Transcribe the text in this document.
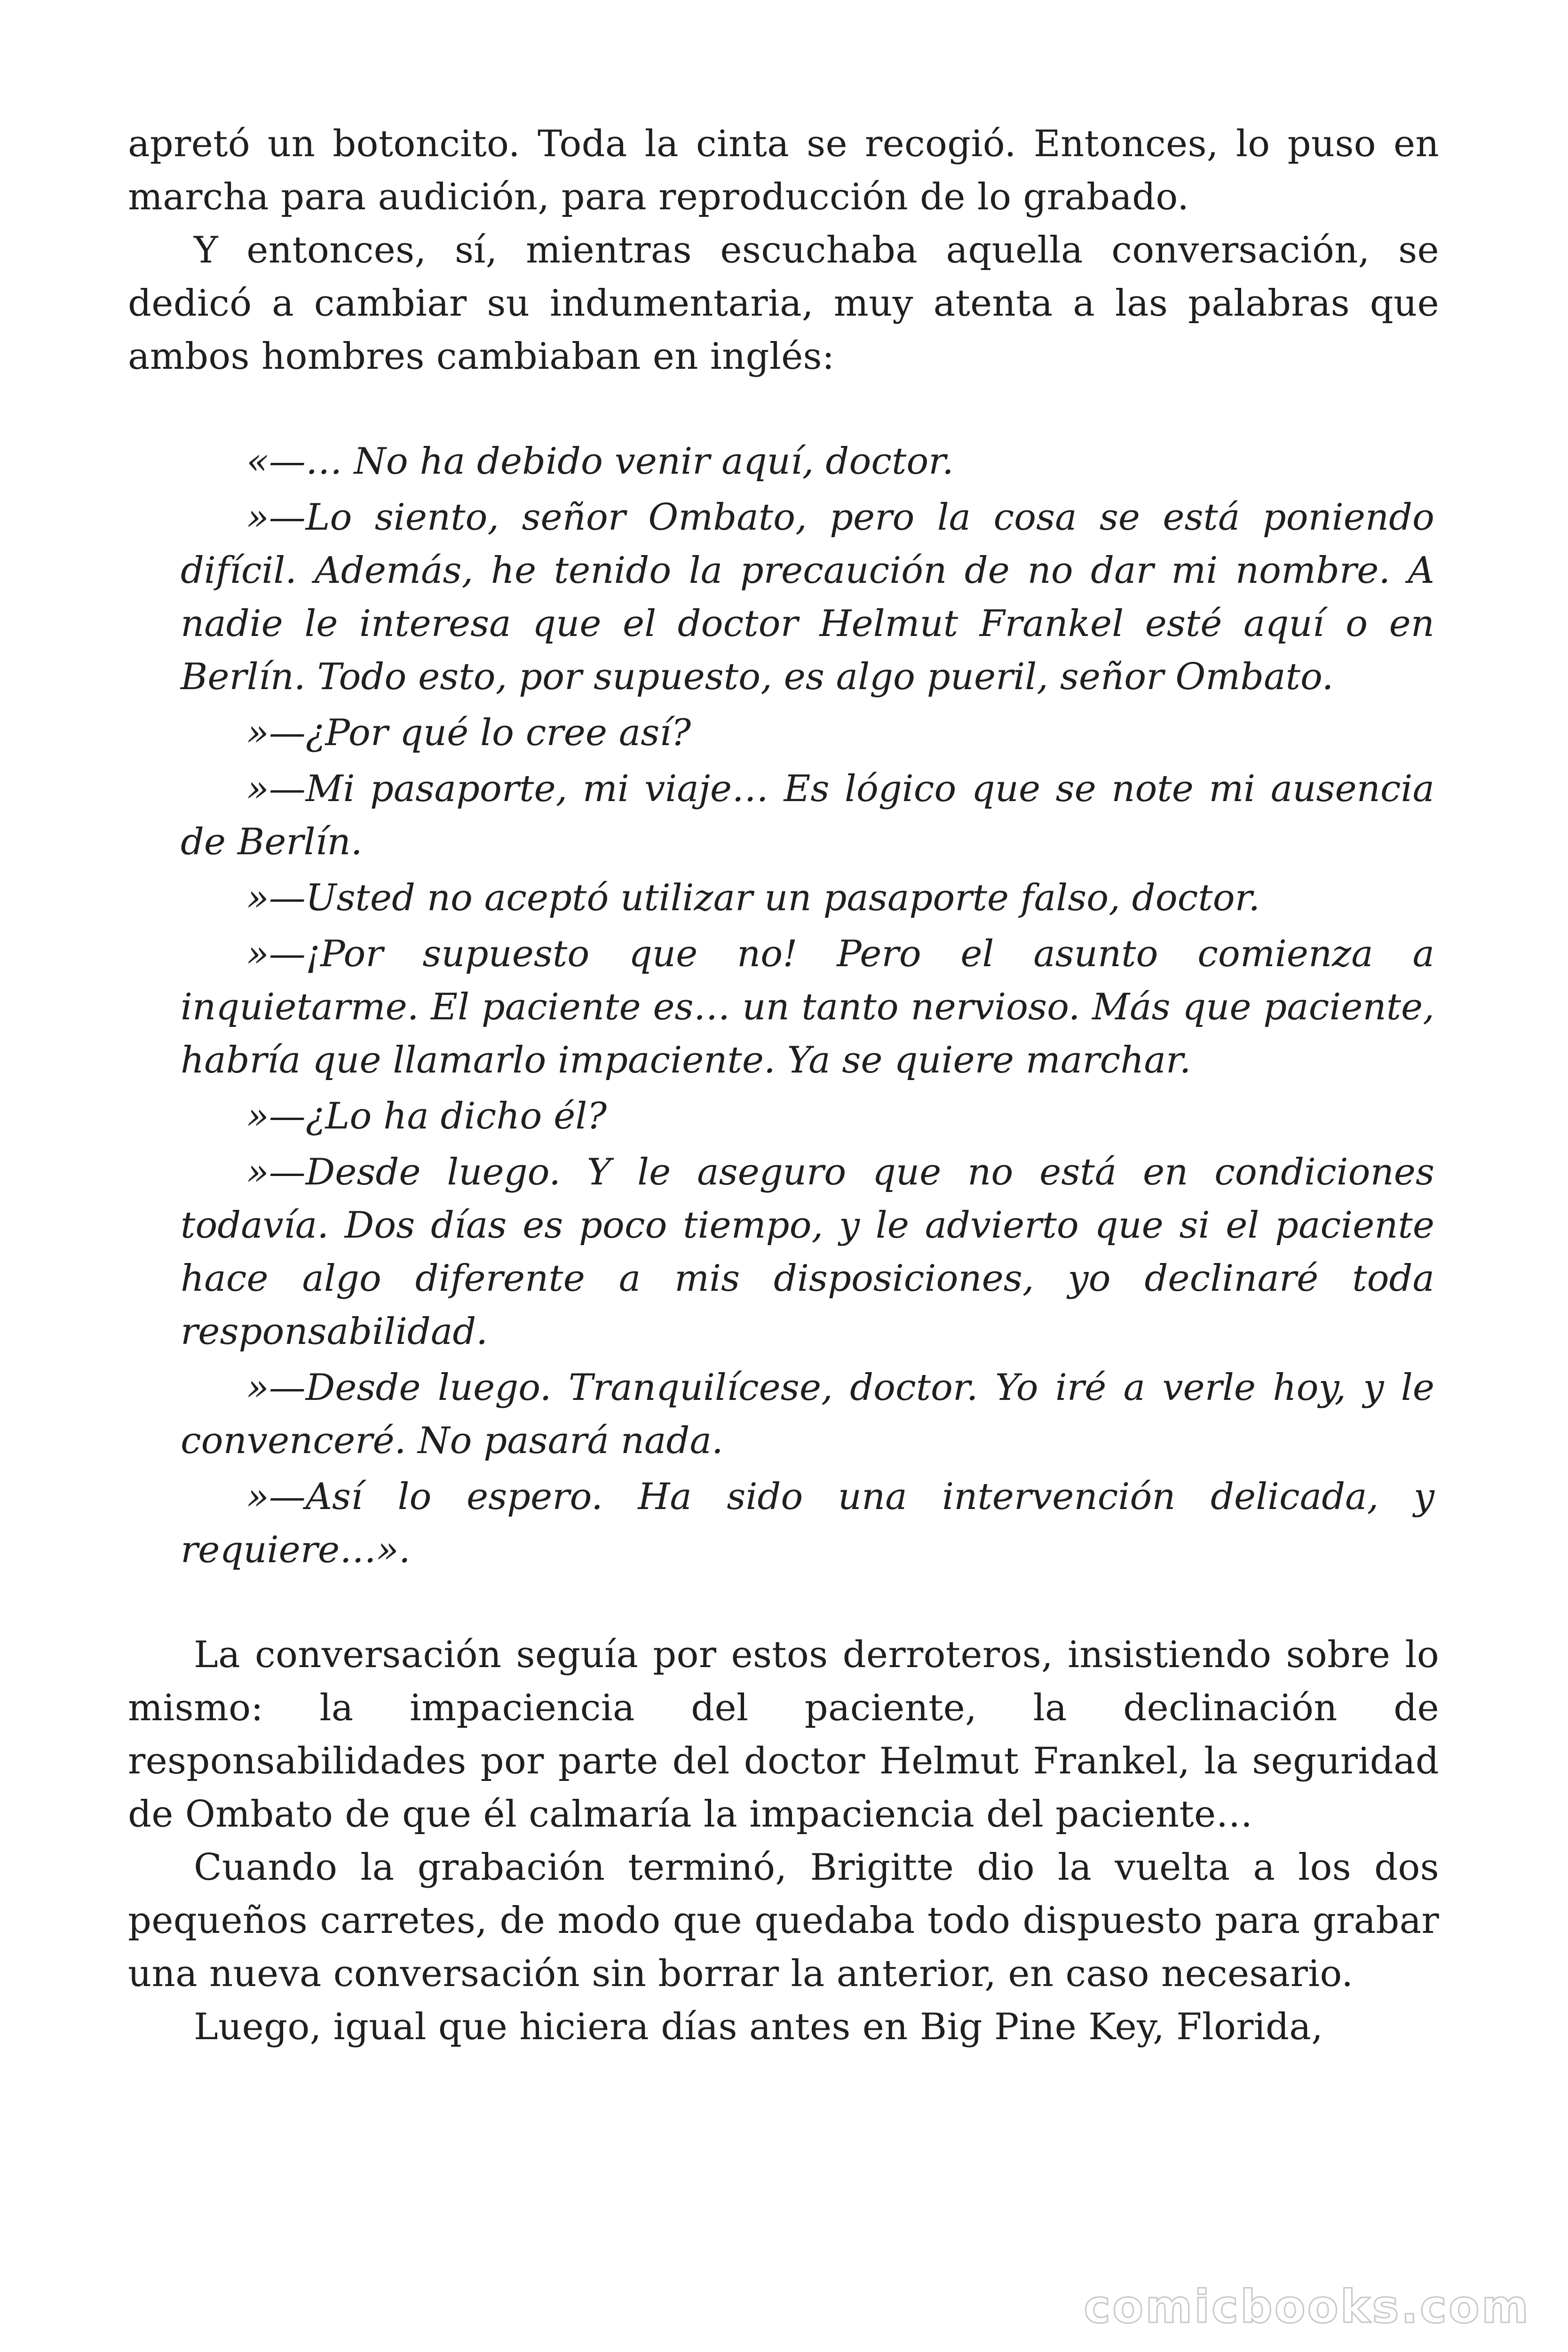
apretó un botoncito. Toda la cinta se recogió. Entonces, lo puso en marcha para audición, para reproducción de lo grabado.

Y entonces, sí, mientras escuchaba aquella conversación, se dedicó a cambiar su indumentaria, muy atenta a las palabras que ambos hombres cambiaban en inglés:

«—… No ha debido venir aquí, doctor.

»—Lo siento, señor Ombato, pero la cosa se está poniendo difícil. Además, he tenido la precaución de no dar mi nombre. A nadie le interesa que el doctor Helmut Frankel esté aquí o en Berlín. Todo esto, por supuesto, es algo pueril, señor Ombato.

»—¿Por qué lo cree así?

»—Mi pasaporte, mi viaje… Es lógico que se note mi ausencia de Berlín.

»—Usted no aceptó utilizar un pasaporte falso, doctor.

»—¡Por supuesto que no! Pero el asunto comienza a inquietarme. El paciente es… un tanto nervioso. Más que paciente, habría que llamarlo impaciente. Ya se quiere marchar.

»—¿Lo ha dicho él?

»—Desde luego. Y le aseguro que no está en condiciones todavía. Dos días es poco tiempo, y le advierto que si el paciente hace algo diferente a mis disposiciones, yo declinaré toda responsabilidad.

»—Desde luego. Tranquilícese, doctor. Yo iré a verle hoy, y le convenceré. No pasará nada.

»—Así lo espero. Ha sido una intervención delicada, y requiere…».

La conversación seguía por estos derroteros, insistiendo sobre lo mismo: la impaciencia del paciente, la declinación de responsabilidades por parte del doctor Helmut Frankel, la seguridad de Ombato de que él calmaría la impaciencia del paciente…

Cuando la grabación terminó, Brigitte dio la vuelta a los dos pequeños carretes, de modo que quedaba todo dispuesto para grabar una nueva conversación sin borrar la anterior, en caso necesario.

Luego, igual que hiciera días antes en Big Pine Key, Florida,

comicbooks.com
